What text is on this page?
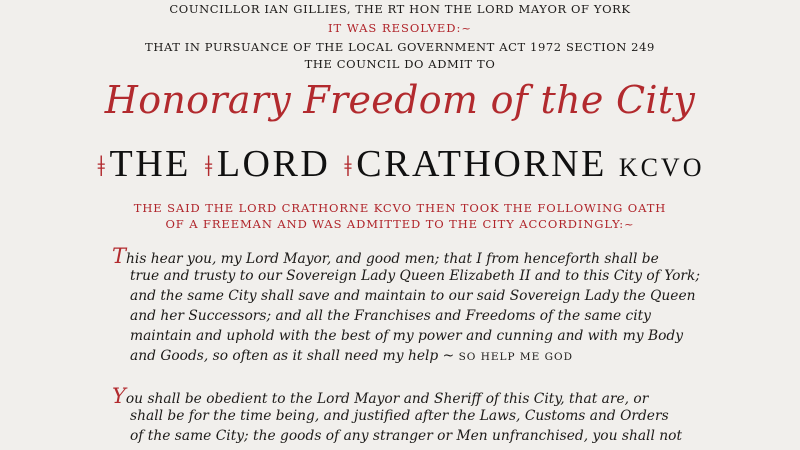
COUNCILLOR IAN GILLIES, THE RT HON THE LORD MAYOR OF YORK
IT WAS RESOLVED:~
THAT IN PURSUANCE OF THE LOCAL GOVERNMENT ACT 1972 SECTION 249
THE COUNCIL DO ADMIT TO
Honorary Freedom of the City
ǂTHE ǂLORD ǂCRATHORNE KCVO
THE SAID THE LORD CRATHORNE KCVO THEN TOOK THE FOLLOWING OATH
OF A FREEMAN AND WAS ADMITTED TO THE CITY ACCORDINGLY:~
This hear you, my Lord Mayor, and good men; that I from henceforth shall be
true and trusty to our Sovereign Lady Queen Elizabeth II and to this City of York;
and the same City shall save and maintain to our said Sovereign Lady the Queen
and her Successors; and all the Franchises and Freedoms of the same city
maintain and uphold with the best of my power and cunning and with my Body
and Goods, so often as it shall need my help ~ SO HELP ME GOD
You shall be obedient to the Lord Mayor and Sheriff of this City, that are, or
shall be for the time being, and justified after the Laws, Customs and Orders
of the same City; the goods of any stranger or Men unfranchised, you shall not
